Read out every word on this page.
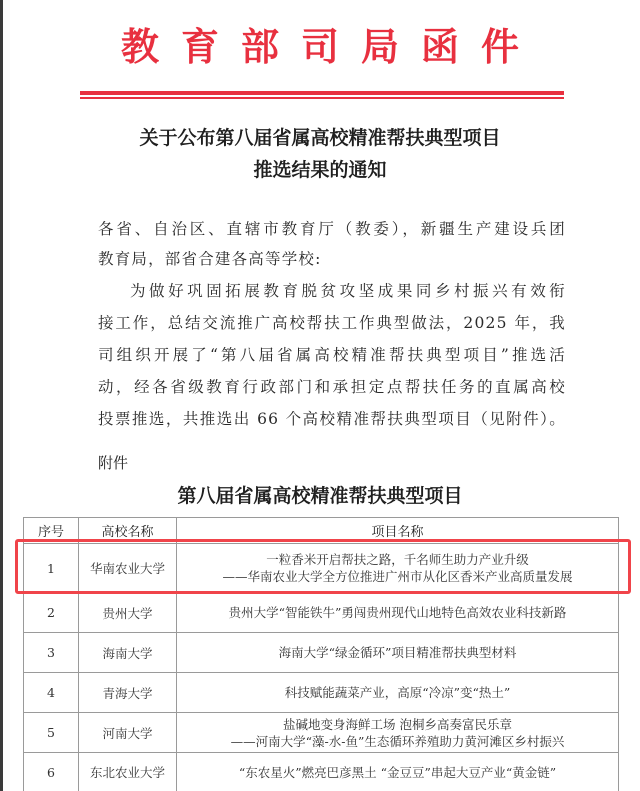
教育部司局函件
关于公布第八届省属高校精准帮扶典型项目
推选结果的通知
各省、自治区、直辖市教育厅（教委），新疆生产建设兵团
教育局，部省合建各高等学校:
为做好巩固拓展教育脱贫攻坚成果同乡村振兴有效衔
接工作，总结交流推广高校帮扶工作典型做法，2025 年，我
司组织开展了“第八届省属高校精准帮扶典型项目”推选活
动，经各省级教育行政部门和承担定点帮扶任务的直属高校
投票推选，共推选出 66 个高校精准帮扶典型项目（见附件）。
附件
第八届省属高校精准帮扶典型项目
序号	高校名称	项目名称
1	华南农业大学	一粒香米开启帮扶之路，千名师生助力产业升级
——华南农业大学全方位推进广州市从化区香米产业高质量发展

2	贵州大学	贵州大学“智能铁牛”勇闯贵州现代山地特色高效农业科技新路

3	海南大学	海南大学“绿金循环”项目精准帮扶典型材料

4	青海大学	科技赋能蔬菜产业，高原“冷凉”变“热土”

5	河南大学	盐碱地变身海鲜工场 泡桐乡高奏富民乐章
——河南大学“藻-水-鱼”生态循环养殖助力黄河滩区乡村振兴

6	东北农业大学	“东农星火”燃亮巴彦黑土 “金豆豆”串起大豆产业“黄金链”
